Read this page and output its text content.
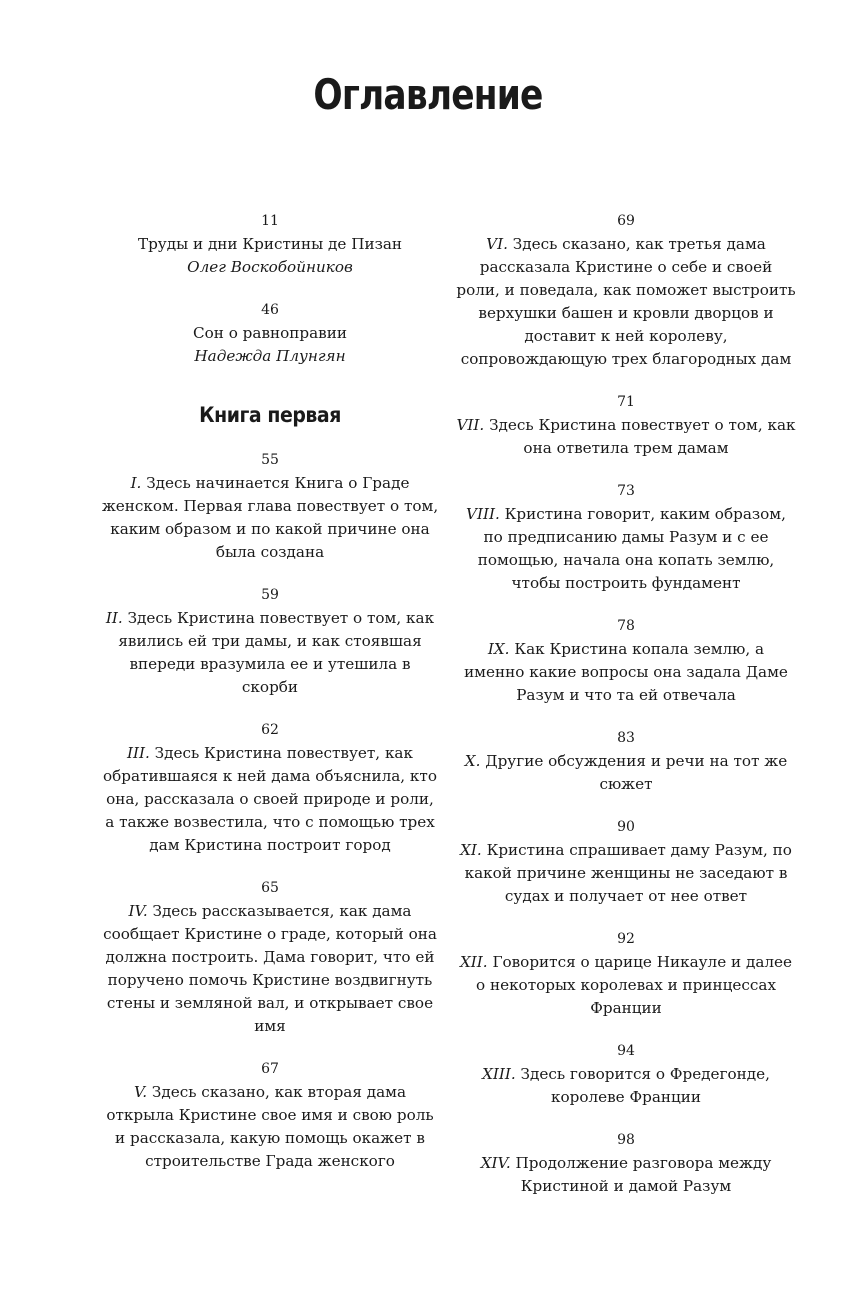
Оглавление
11
Труды и дни Кристины де Пизан
Олег Воскобойников
46
Сон о равноправии
Надежда Плунгян
Книга первая
55
I. Здесь начинается Книга о Граде женском. Первая глава повествует о том, каким образом и по какой причине она была создана
59
II. Здесь Кристина повествует о том, как явились ей три дамы, и как стоявшая впереди вразумила ее и утешила в скорби
62
III. Здесь Кристина повествует, как обратившаяся к ней дама объяснила, кто она, рассказала о своей природе и роли, а также возвестила, что с помощью трех дам Кристина построит город
65
IV. Здесь рассказывается, как дама сообщает Кристине о граде, который она должна построить. Дама говорит, что ей поручено помочь Кристине воздвигнуть стены и земляной вал, и открывает свое имя
67
V. Здесь сказано, как вторая дама открыла Кристине свое имя и свою роль и рассказала, какую помощь окажет в строительстве Града женского
69
VI. Здесь сказано, как третья дама рассказала Кристине о себе и своей роли, и поведала, как поможет выстроить верхушки башен и кровли дворцов и доставит к ней королеву, сопровождающую трех благородных дам
71
VII. Здесь Кристина повествует о том, как она ответила трем дамам
73
VIII. Кристина говорит, каким образом, по предписанию дамы Разум и с ее помощью, начала она копать землю, чтобы построить фундамент
78
IX. Как Кристина копала землю, а именно какие вопросы она задала Даме Разум и что та ей отвечала
83
X. Другие обсуждения и речи на тот же сюжет
90
XI. Кристина спрашивает даму Разум, по какой причине женщины не заседают в судах и получает от нее ответ
92
XII. Говорится о царице Никауле и далее о некоторых королевах и принцессах Франции
94
XIII. Здесь говорится о Фредегонде, королеве Франции
98
XIV. Продолжение разговора между Кристиной и дамой Разум
